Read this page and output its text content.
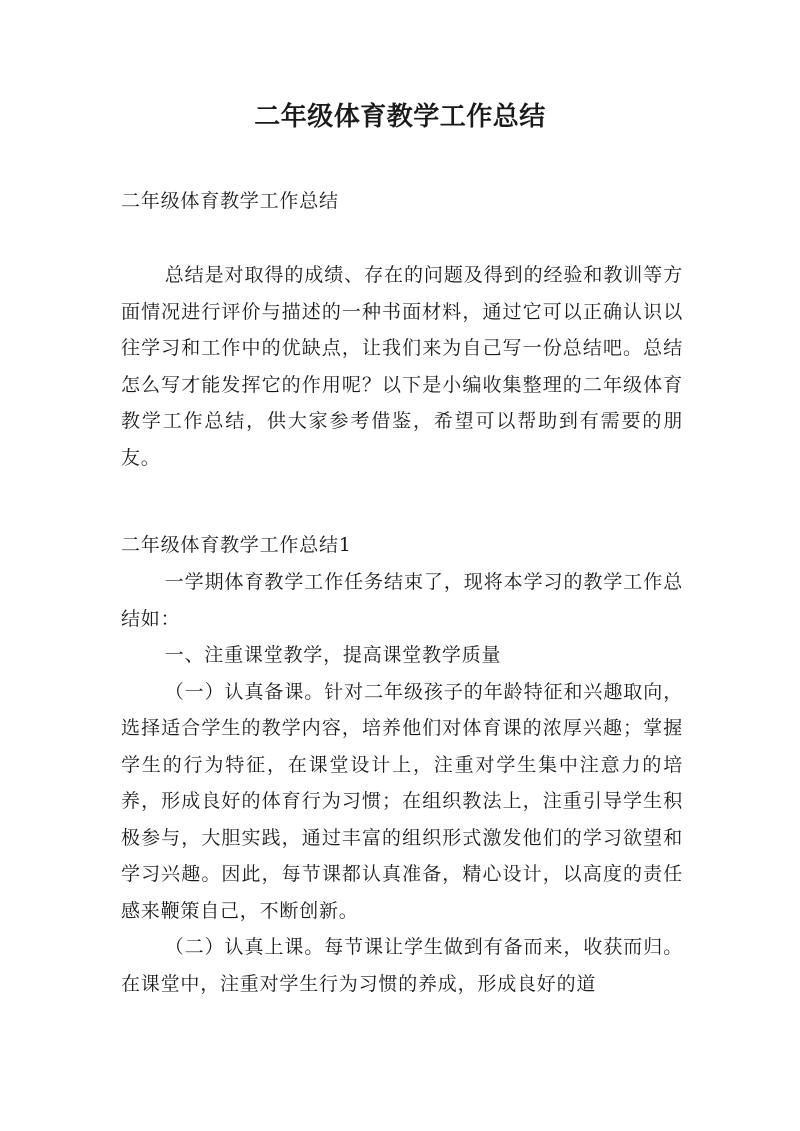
二年级体育教学工作总结
二年级体育教学工作总结

总结是对取得的成绩、存在的问题及得到的经验和教训等方面情况进行评价与描述的一种书面材料，通过它可以正确认识以往学习和工作中的优缺点，让我们来为自己写一份总结吧。总结怎么写才能发挥它的作用呢？以下是小编收集整理的二年级体育教学工作总结，供大家参考借鉴，希望可以帮助到有需要的朋友。

二年级体育教学工作总结1

一学期体育教学工作任务结束了，现将本学习的教学工作总结如：

一、注重课堂教学，提高课堂教学质量

（一）认真备课。针对二年级孩子的年龄特征和兴趣取向，选择适合学生的教学内容，培养他们对体育课的浓厚兴趣；掌握学生的行为特征，在课堂设计上，注重对学生集中注意力的培养，形成良好的体育行为习惯；在组织教法上，注重引导学生积极参与，大胆实践，通过丰富的组织形式激发他们的学习欲望和学习兴趣。因此，每节课都认真准备，精心设计，以高度的责任感来鞭策自己，不断创新。

（二）认真上课。每节课让学生做到有备而来，收获而归。在课堂中，注重对学生行为习惯的养成，形成良好的道
